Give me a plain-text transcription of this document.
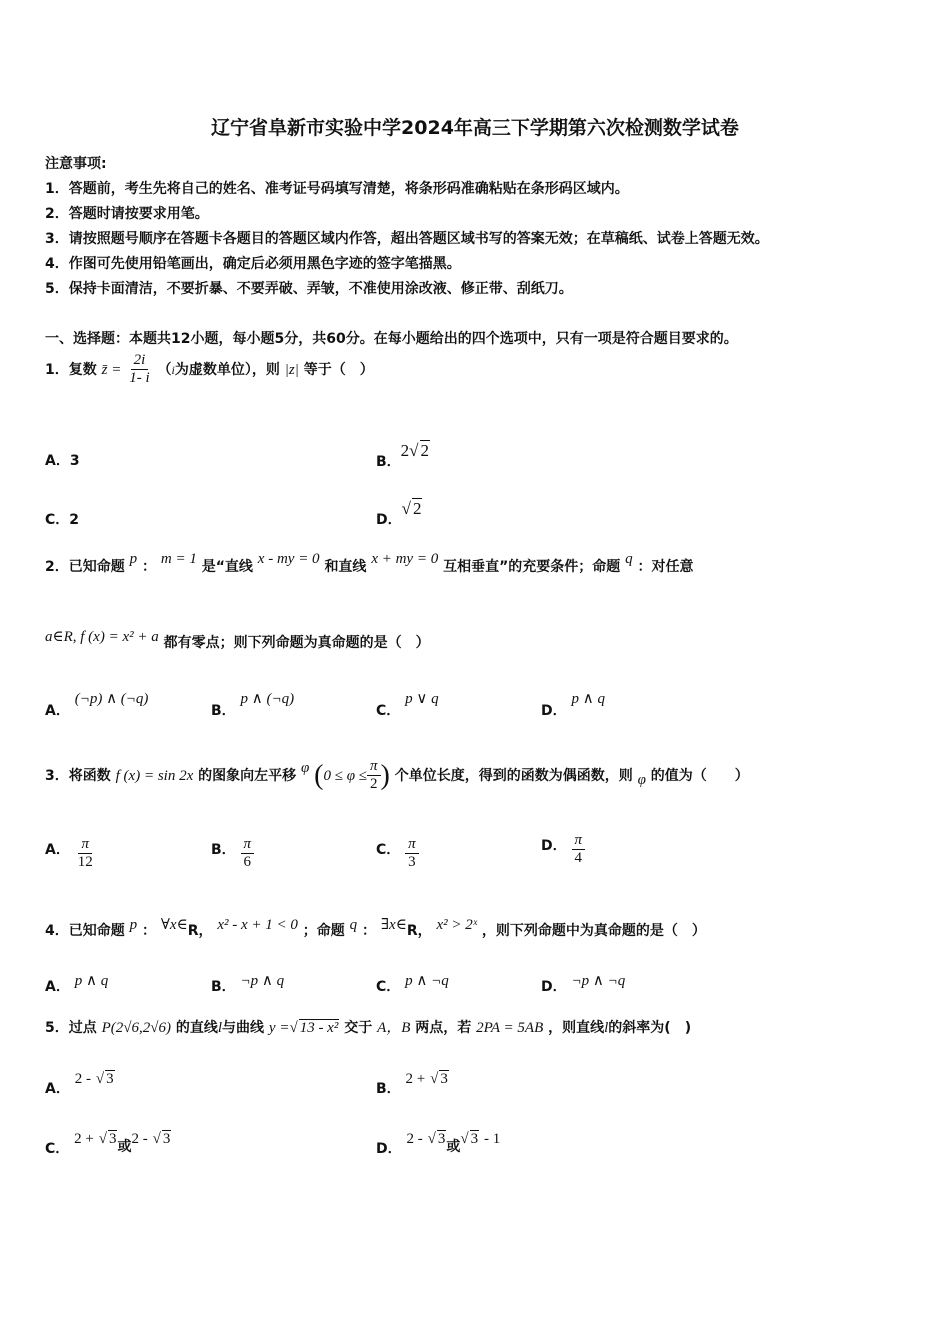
辽宁省阜新市实验中学2024年高三下学期第六次检测数学试卷
注意事项:
1．答题前，考生先将自己的姓名、准考证号码填写清楚，将条形码准确粘贴在条形码区域内。
2．答题时请按要求用笔。
3．请按照题号顺序在答题卡各题目的答题区域内作答，超出答题区域书写的答案无效；在草稿纸、试卷上答题无效。
4．作图可先使用铅笔画出，确定后必须用黑色字迹的签字笔描黑。
5．保持卡面清洁，不要折暴、不要弄破、弄皱，不准使用涂改液、修正带、刮纸刀。
一、选择题：本题共12小题，每小题5分，共60分。在每小题给出的四个选项中，只有一项是符合题目要求的。
1．复数 z̄ = $\frac{2i}{1- i} (i$为虚数单位），则 |z| 等于（　）
A．3	B．2√ 2
C．2	D．√ 2
2．已知命题 p ： m = 1 是“直线 x - my = 0 和直线 x + my = 0 互相垂直”的充要条件；命题 q ：对任意
a∈R, f (x) = x² + a 都有零点；则下列命题为真命题的是（　）
A． (¬p) ∧ (¬q)
B． p ∧ (¬q)
C． p ∨ q
D． p ∧ q
3．将函数 f (x) = sin 2x 的图象向左平移 φ ($0 \le \varphi \le \frac{\pi}{2}$ ) 个单位长度，得到的函数为偶函数，则 φ 的值为（　　）
A． $\frac{\pi}{12}$	B． $\frac{\pi}{6}$	C． $\frac{\pi}{3}$	D． $\frac{\pi}{4}$
4．已知命题 p ： ∀x∈R， x² - x + 1 < 0 ；命题 q ： ∃x∈R， x² > 2ˣ ，则下列命题中为真命题的是（　）
A． p ∧ q	B． ¬p ∧ q	C． p ∧ ¬q	D． ¬p ∧ ¬q
5．过点 P(2√6,2√6) 的直线l与曲线 y =√ 13 - x² 交于 A，B 两点，若 2PA = 5AB ，则直线l的斜率为(　)
A． 2 - √ 3
B． 2 + √ 3
C． 2 + √ 3或2 - √ 3
D． 2 - √ 3或√ 3 - 1
